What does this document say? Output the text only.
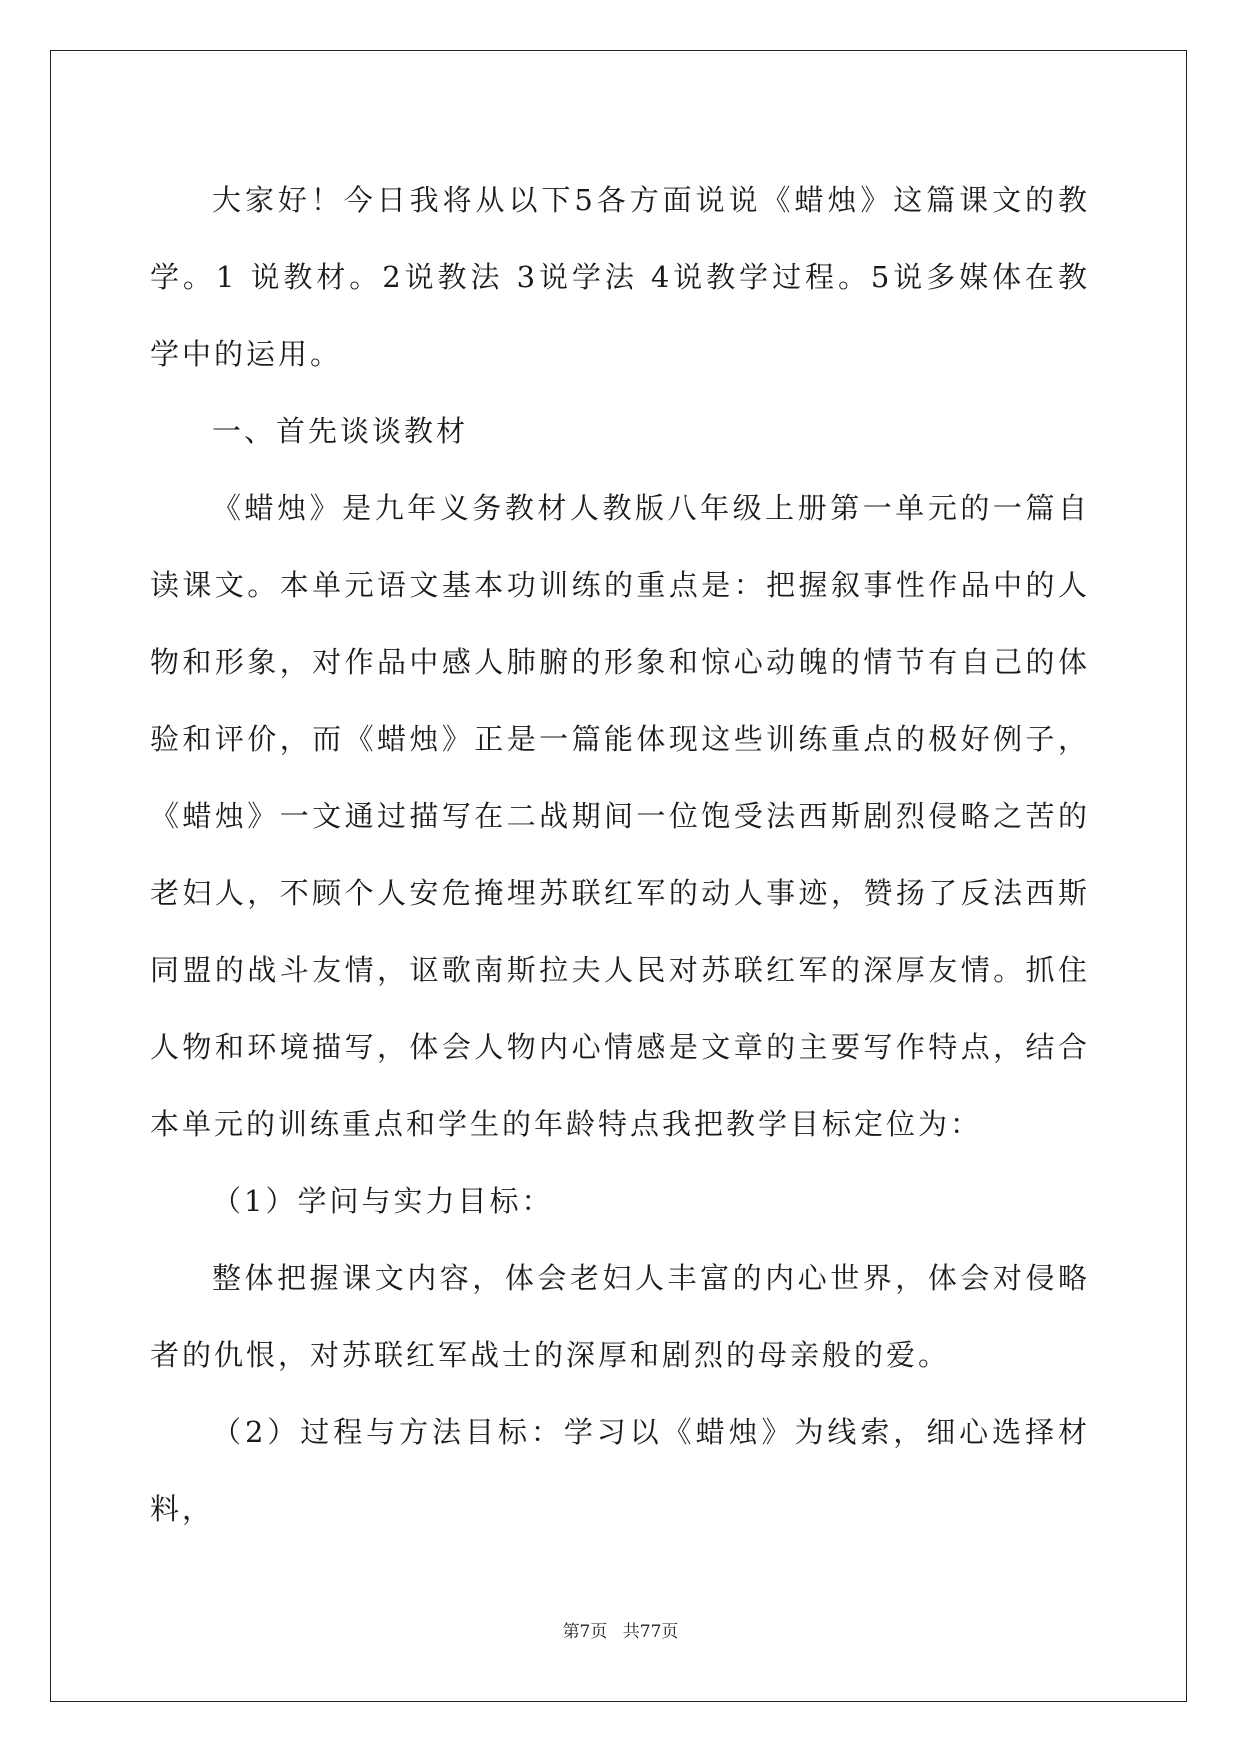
大家好！今日我将从以下5各方面说说《蜡烛》这篇课文的教学。1 说教材。2说教法 3说学法 4说教学过程。5说多媒体在教学中的运用。

一、首先谈谈教材

《蜡烛》是九年义务教材人教版八年级上册第一单元的一篇自读课文。本单元语文基本功训练的重点是：把握叙事性作品中的人物和形象，对作品中感人肺腑的形象和惊心动魄的情节有自己的体验和评价，而《蜡烛》正是一篇能体现这些训练重点的极好例子，《蜡烛》一文通过描写在二战期间一位饱受法西斯剧烈侵略之苦的老妇人，不顾个人安危掩埋苏联红军的动人事迹，赞扬了反法西斯同盟的战斗友情，讴歌南斯拉夫人民对苏联红军的深厚友情。抓住人物和环境描写，体会人物内心情感是文章的主要写作特点，结合本单元的训练重点和学生的年龄特点我把教学目标定位为：

（1）学问与实力目标：

整体把握课文内容，体会老妇人丰富的内心世界，体会对侵略者的仇恨，对苏联红军战士的深厚和剧烈的母亲般的爱。

（2）过程与方法目标：学习以《蜡烛》为线索，细心选择材料，

第7页 共77页
